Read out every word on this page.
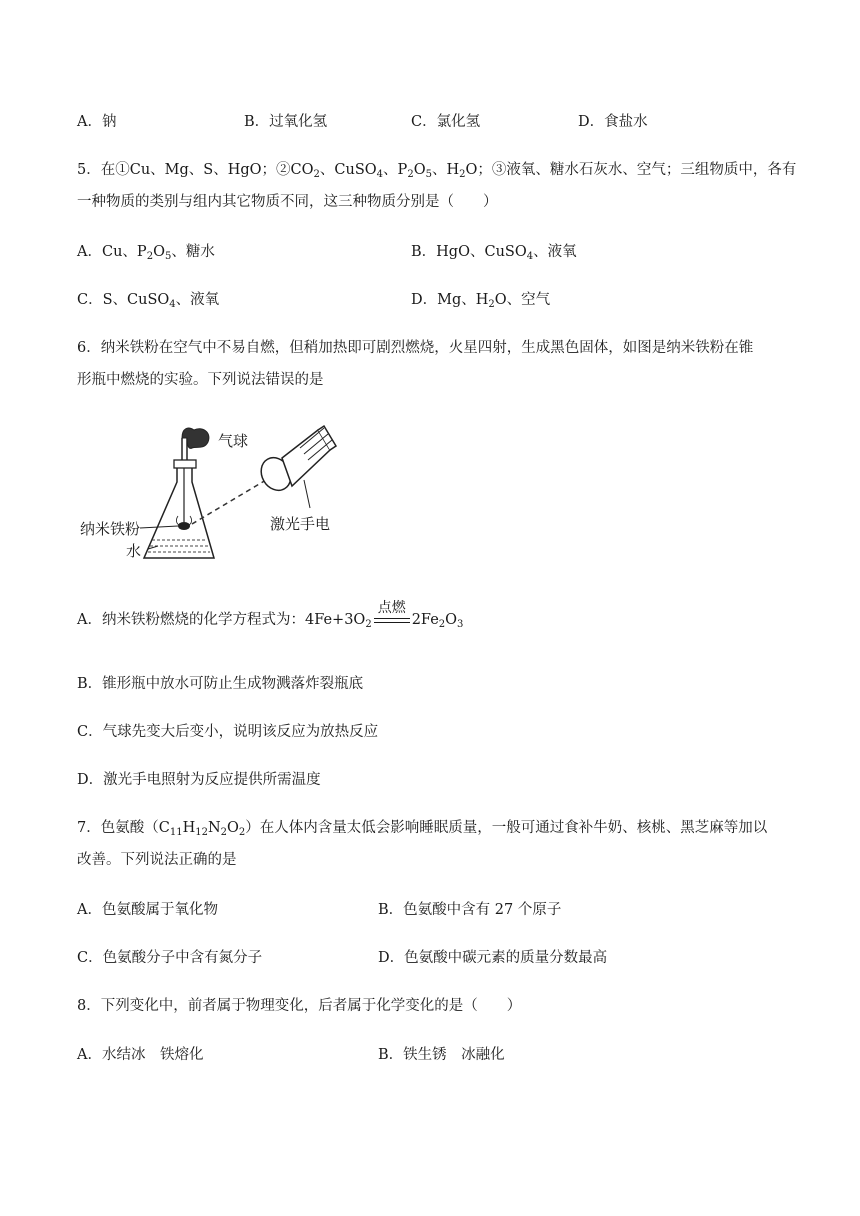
A．钠	B．过氧化氢	C．氯化氢	D．食盐水
5．在①Cu、Mg、S、HgO；$②CO_2$、CuSO$_4$、$P_2O_5$、$H_2O$；③液氧、糖水石灰水、空气；三组物质中，各有
一种物质的类别与组内其它物质不同，这三种物质分别是（　　）
A．Cu、$P_2O_5$、糖水	B．HgO、CuSO$_4$、液氧
C．S、CuSO$_4$、液氧	D．Mg、$H_2O$、空气
6．纳米铁粉在空气中不易自燃，但稍加热即可剧烈燃烧，火星四射，生成黑色固体，如图是纳米铁粉在锥
形瓶中燃烧的实验。下列说法错误的是
气球
激光手电
纳米铁粉
水
A．纳米铁粉燃烧的化学方程式为：$4Fe+3O_2$
点燃
$2Fe_2O_3$
B．锥形瓶中放水可防止生成物溅落炸裂瓶底
C．气球先变大后变小，说明该反应为放热反应
D．激光手电照射为反应提供所需温度
7．色氨酸$(C_{11}H_{12}N_2O_2)$在人体内含量太低会影响睡眠质量，一般可通过食补牛奶、核桃、黑芝麻等加以
改善。下列说法正确的是
A．色氨酸属于氧化物	B．色氨酸中含有 27 个原子
C．色氨酸分子中含有氮分子	D．色氨酸中碳元素的质量分数最高
8．下列变化中，前者属于物理变化，后者属于化学变化的是（　　）
A．水结冰　铁熔化	B．铁生锈　冰融化
